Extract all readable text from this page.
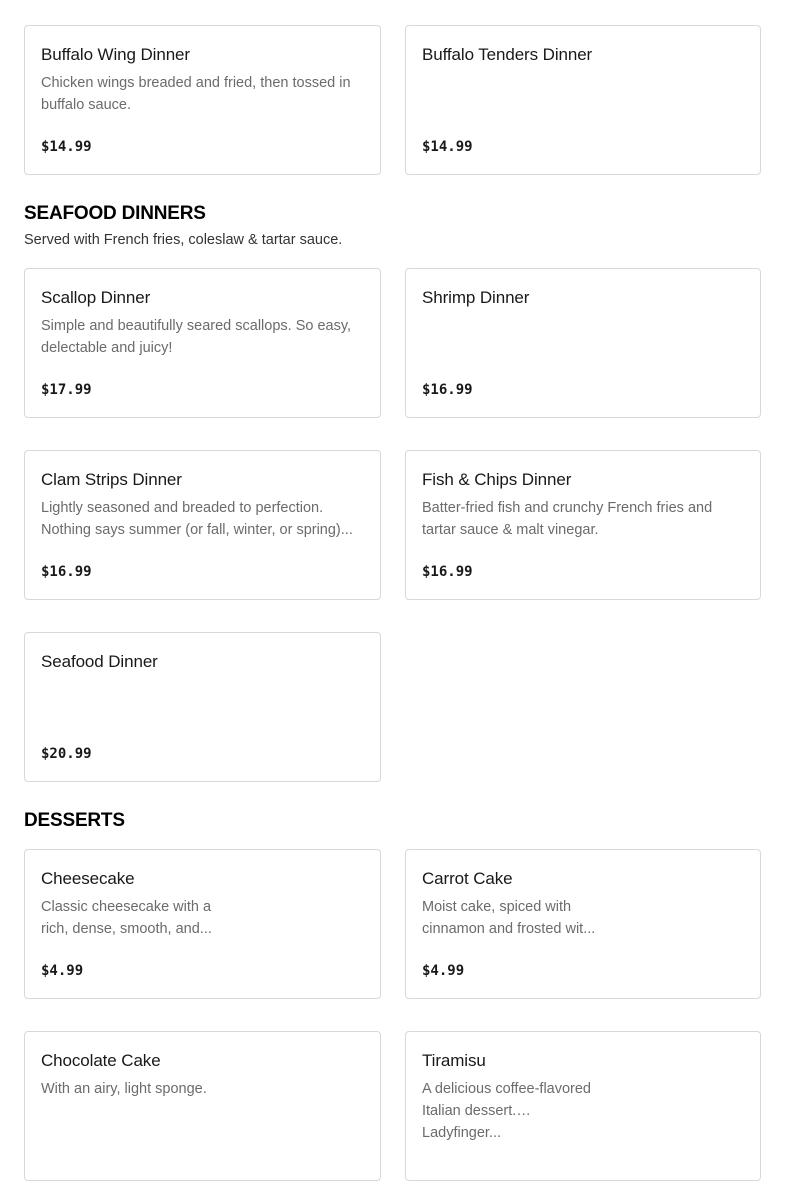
Buffalo Wing Dinner
Chicken wings breaded and fried, then tossed in buffalo sauce.
$14.99
Buffalo Tenders Dinner
$14.99
SEAFOOD DINNERS
Served with French fries, coleslaw & tartar sauce.
Scallop Dinner
Simple and beautifully seared scallops. So easy, delectable and juicy!
$17.99
Shrimp Dinner
$16.99
Clam Strips Dinner
Lightly seasoned and breaded to perfection. Nothing says summer (or fall, winter, or spring)...
$16.99
Fish & Chips Dinner
Batter-fried fish and crunchy French fries and tartar sauce & malt vinegar.
$16.99
Seafood Dinner
$20.99
DESSERTS
Cheesecake
Classic cheesecake with a rich, dense, smooth, and...
$4.99
Carrot Cake
Moist cake, spiced with cinnamon and frosted wit...
$4.99
Chocolate Cake
With an airy, light sponge.
Tiramisu
A delicious coffee-flavored Italian dessert. Ladyfinger...
